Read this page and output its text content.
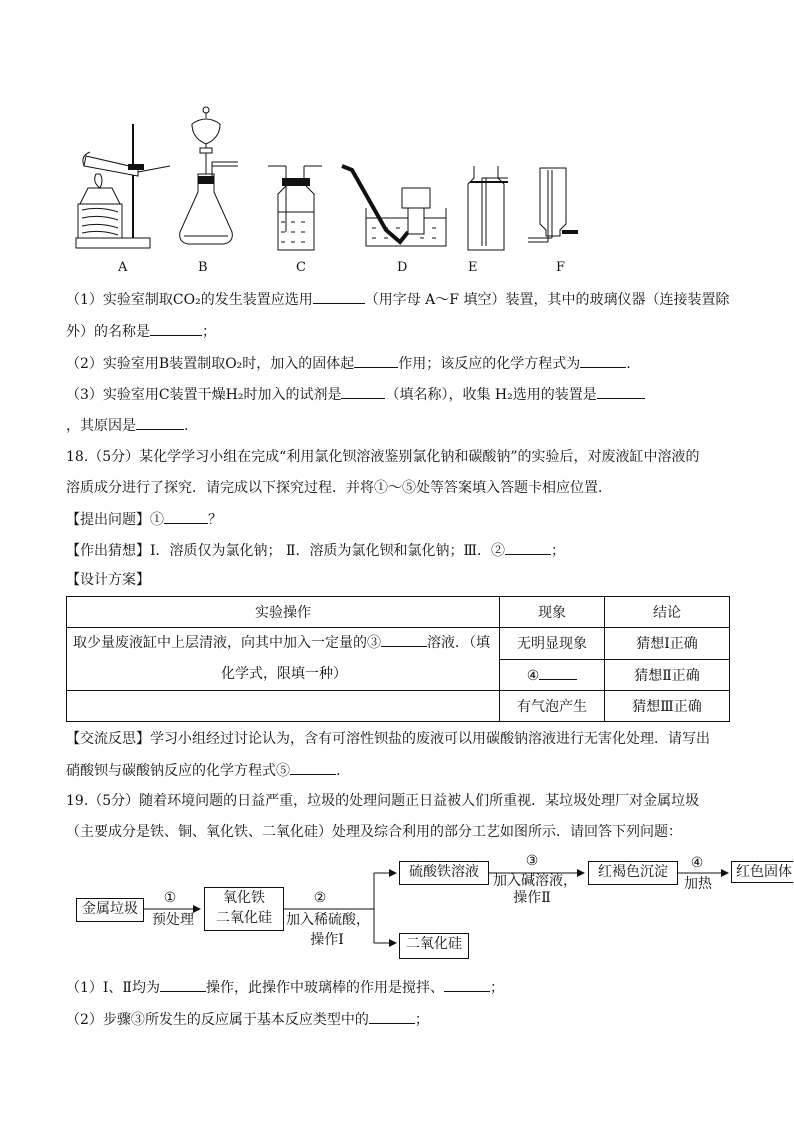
A	B	C	D	E	F
（1）实验室制取CO₂的发生装置应选用	（用字母 A～F 填空）装置，其中的玻璃仪器（连接装置除
外）的名称是	；
（2）实验室用B装置制取O₂时，加入的固体起	作用；该反应的化学方程式为	.
（3）实验室用C装置干燥H₂时加入的试剂是	（填名称），收集 H₂选用的装置是
，其原因是	.
18.（5分）某化学学习小组在完成“利用氯化钡溶液鉴别氯化钠和碳酸钠”的实验后，对废液缸中溶液的
溶质成分进行了探究．请完成以下探究过程．并将①～⑤处等答案填入答题卡相应位置．
【提出问题】①	？
【作出猜想】Ⅰ．溶质仅为氯化钠； Ⅱ．溶质为氯化钡和氯化钠；Ⅲ．②	；
【设计方案】
实验操作	现象	结论
取少量废液缸中上层清液，向其中加入一定量的③ 溶液．（填
化学式，限填一种）	无明显现象	猜想Ⅰ正确
	④	猜想Ⅱ正确
	有气泡产生	猜想Ⅲ正确
【交流反思】学习小组经过讨论认为，含有可溶性钡盐的废液可以用碳酸钠溶液进行无害化处理．请写出
硝酸钡与碳酸钠反应的化学方程式⑤	.
19.（5分）随着环境问题的日益严重，垃圾的处理问题正日益被人们所重视．某垃圾处理厂对金属垃圾
（主要成分是铁、铜、氧化铁、二氧化硅）处理及综合利用的部分工艺如图所示．请回答下列问题：
金属垃圾
①
预处理
氧化铁
二氧化硅
②
加入稀硫酸，
操作Ⅰ
硫酸铁溶液
二氧化硅
③
加入碱溶液，
操作Ⅱ
红褐色沉淀
④
加热
红色固体
（1）Ⅰ、Ⅱ均为	操作，此操作中玻璃棒的作用是搅拌、	；
（2）步骤③所发生的反应属于基本反应类型中的	；
